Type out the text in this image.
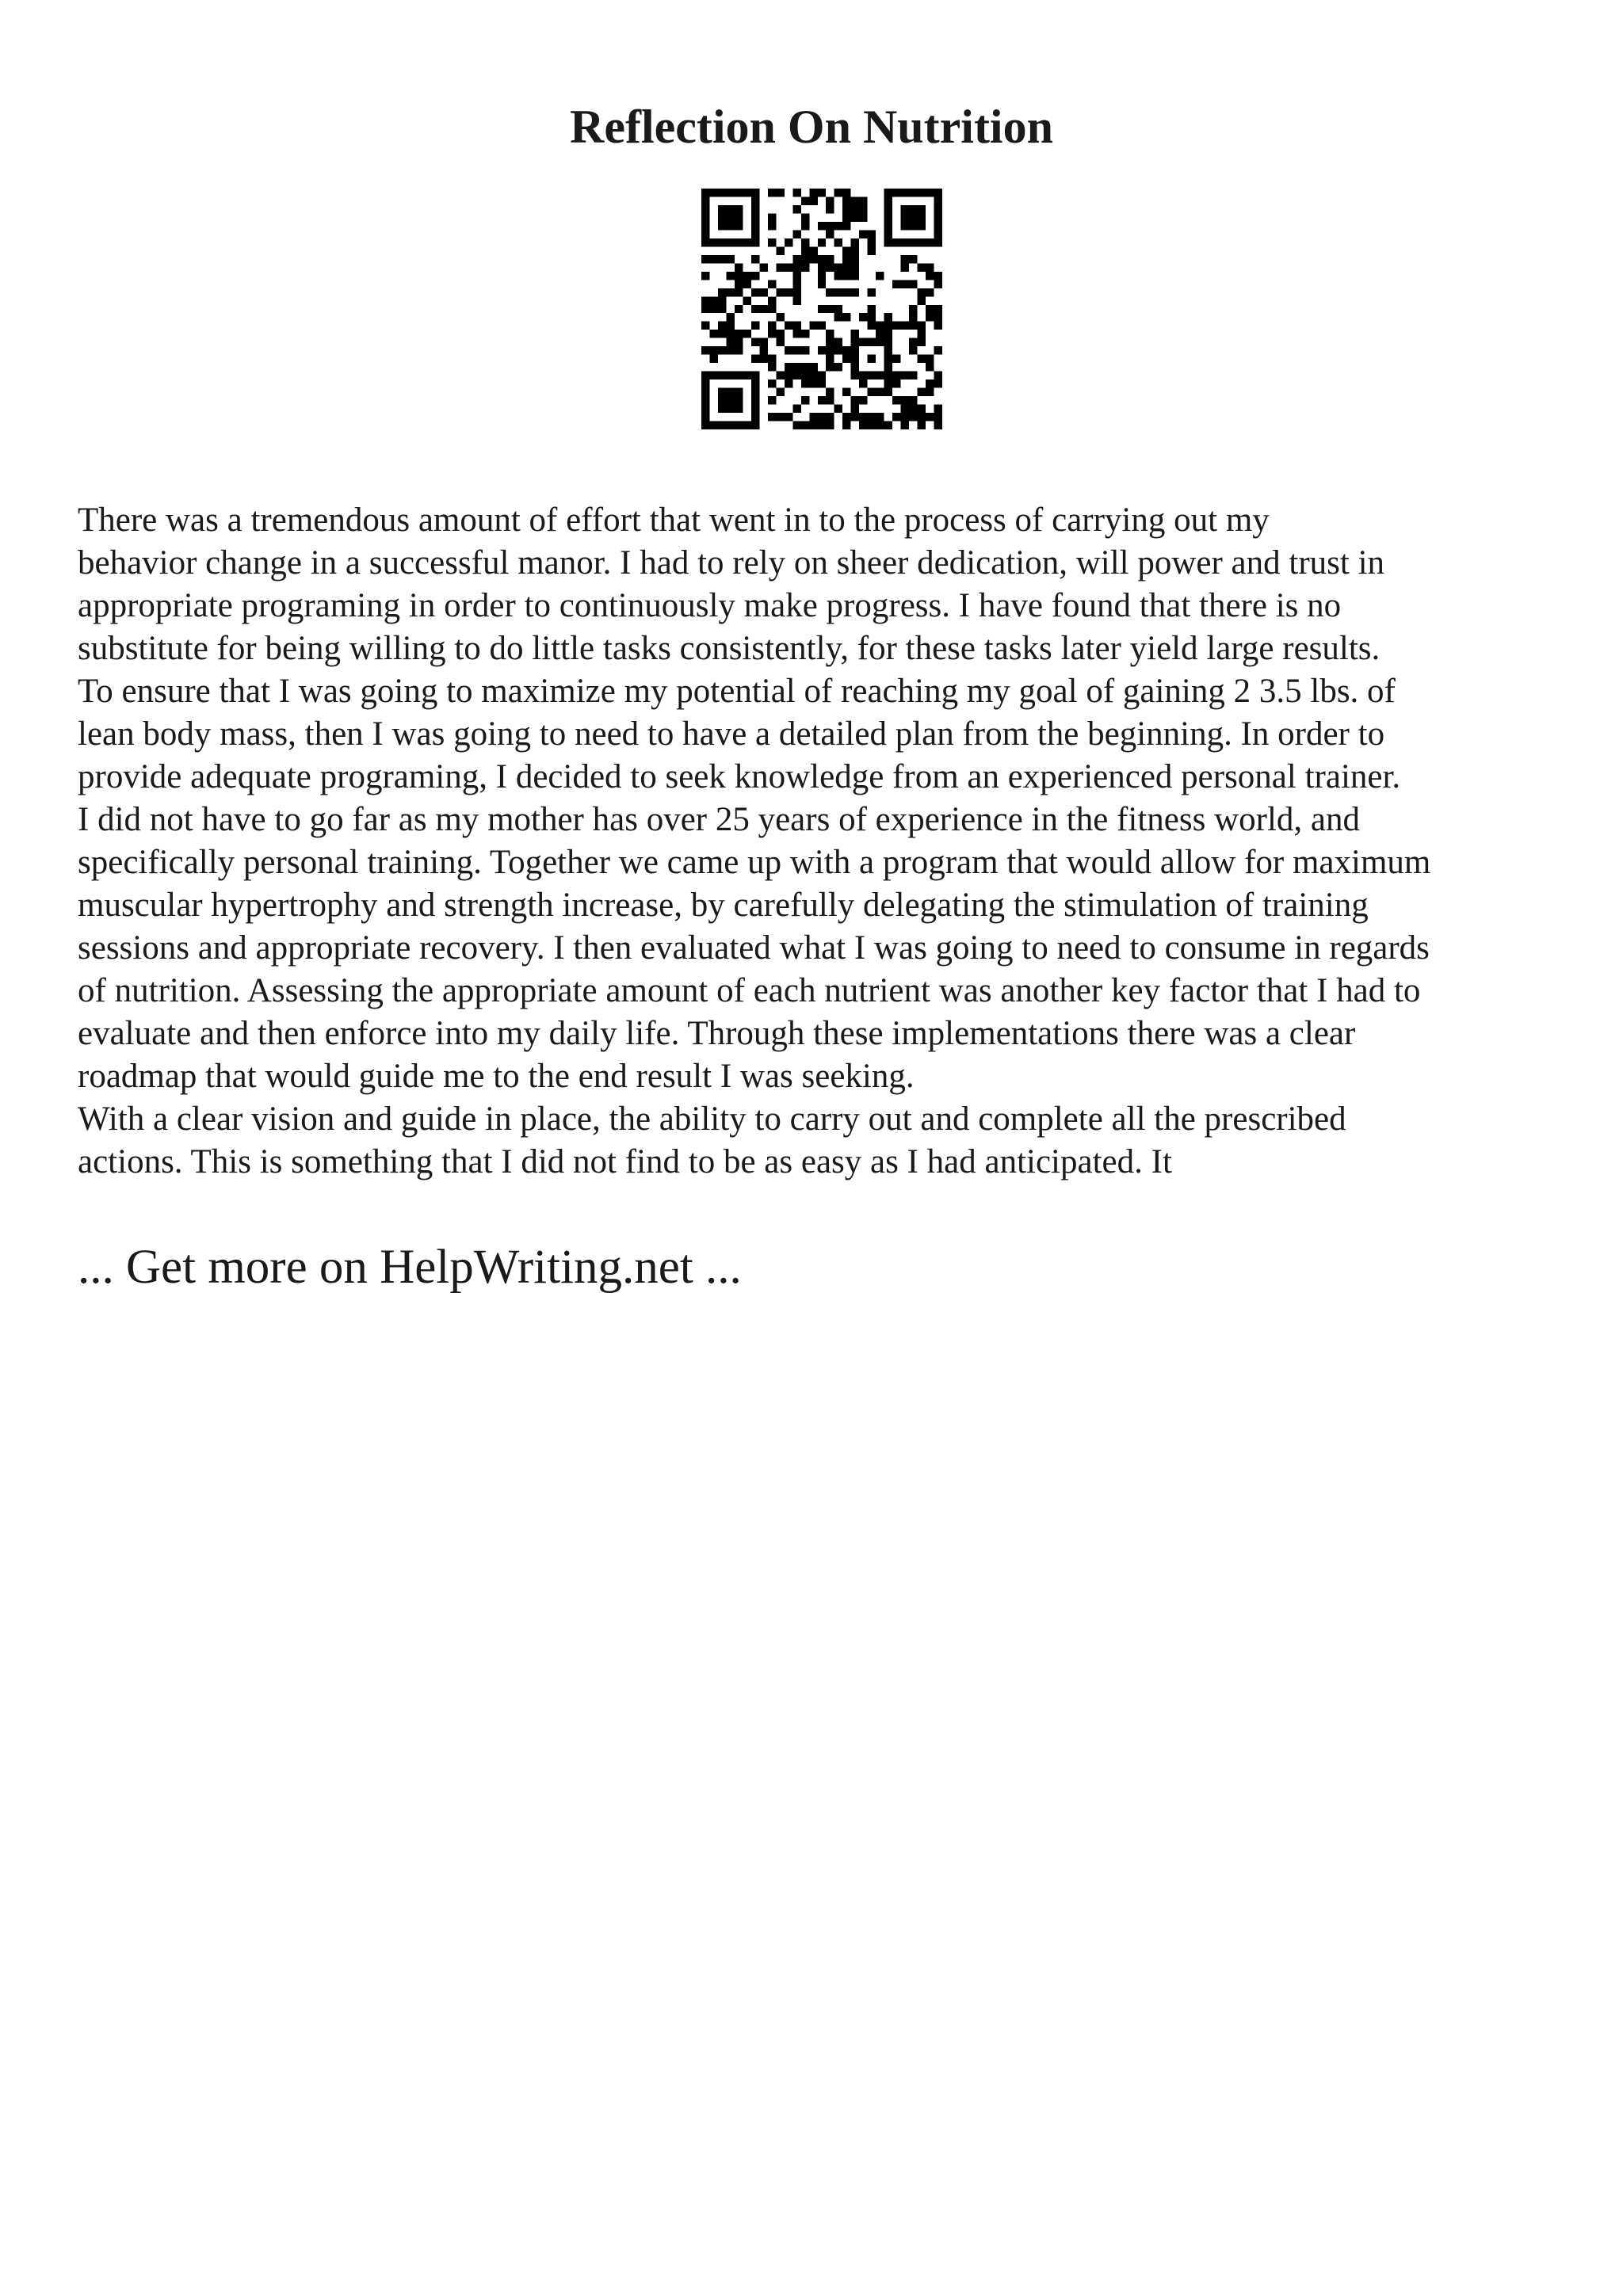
Reflection On Nutrition
There was a tremendous amount of effort that went in to the process of carrying out my
behavior change in a successful manor. I had to rely on sheer dedication, will power and trust in
appropriate programing in order to continuously make progress. I have found that there is no
substitute for being willing to do little tasks consistently, for these tasks later yield large results.
To ensure that I was going to maximize my potential of reaching my goal of gaining 2 3.5 lbs. of
lean body mass, then I was going to need to have a detailed plan from the beginning. In order to
provide adequate programing, I decided to seek knowledge from an experienced personal trainer.
I did not have to go far as my mother has over 25 years of experience in the fitness world, and
specifically personal training. Together we came up with a program that would allow for maximum
muscular hypertrophy and strength increase, by carefully delegating the stimulation of training
sessions and appropriate recovery. I then evaluated what I was going to need to consume in regards
of nutrition. Assessing the appropriate amount of each nutrient was another key factor that I had to
evaluate and then enforce into my daily life. Through these implementations there was a clear
roadmap that would guide me to the end result I was seeking.
With a clear vision and guide in place, the ability to carry out and complete all the prescribed
actions. This is something that I did not find to be as easy as I had anticipated. It

... Get more on HelpWriting.net ...
